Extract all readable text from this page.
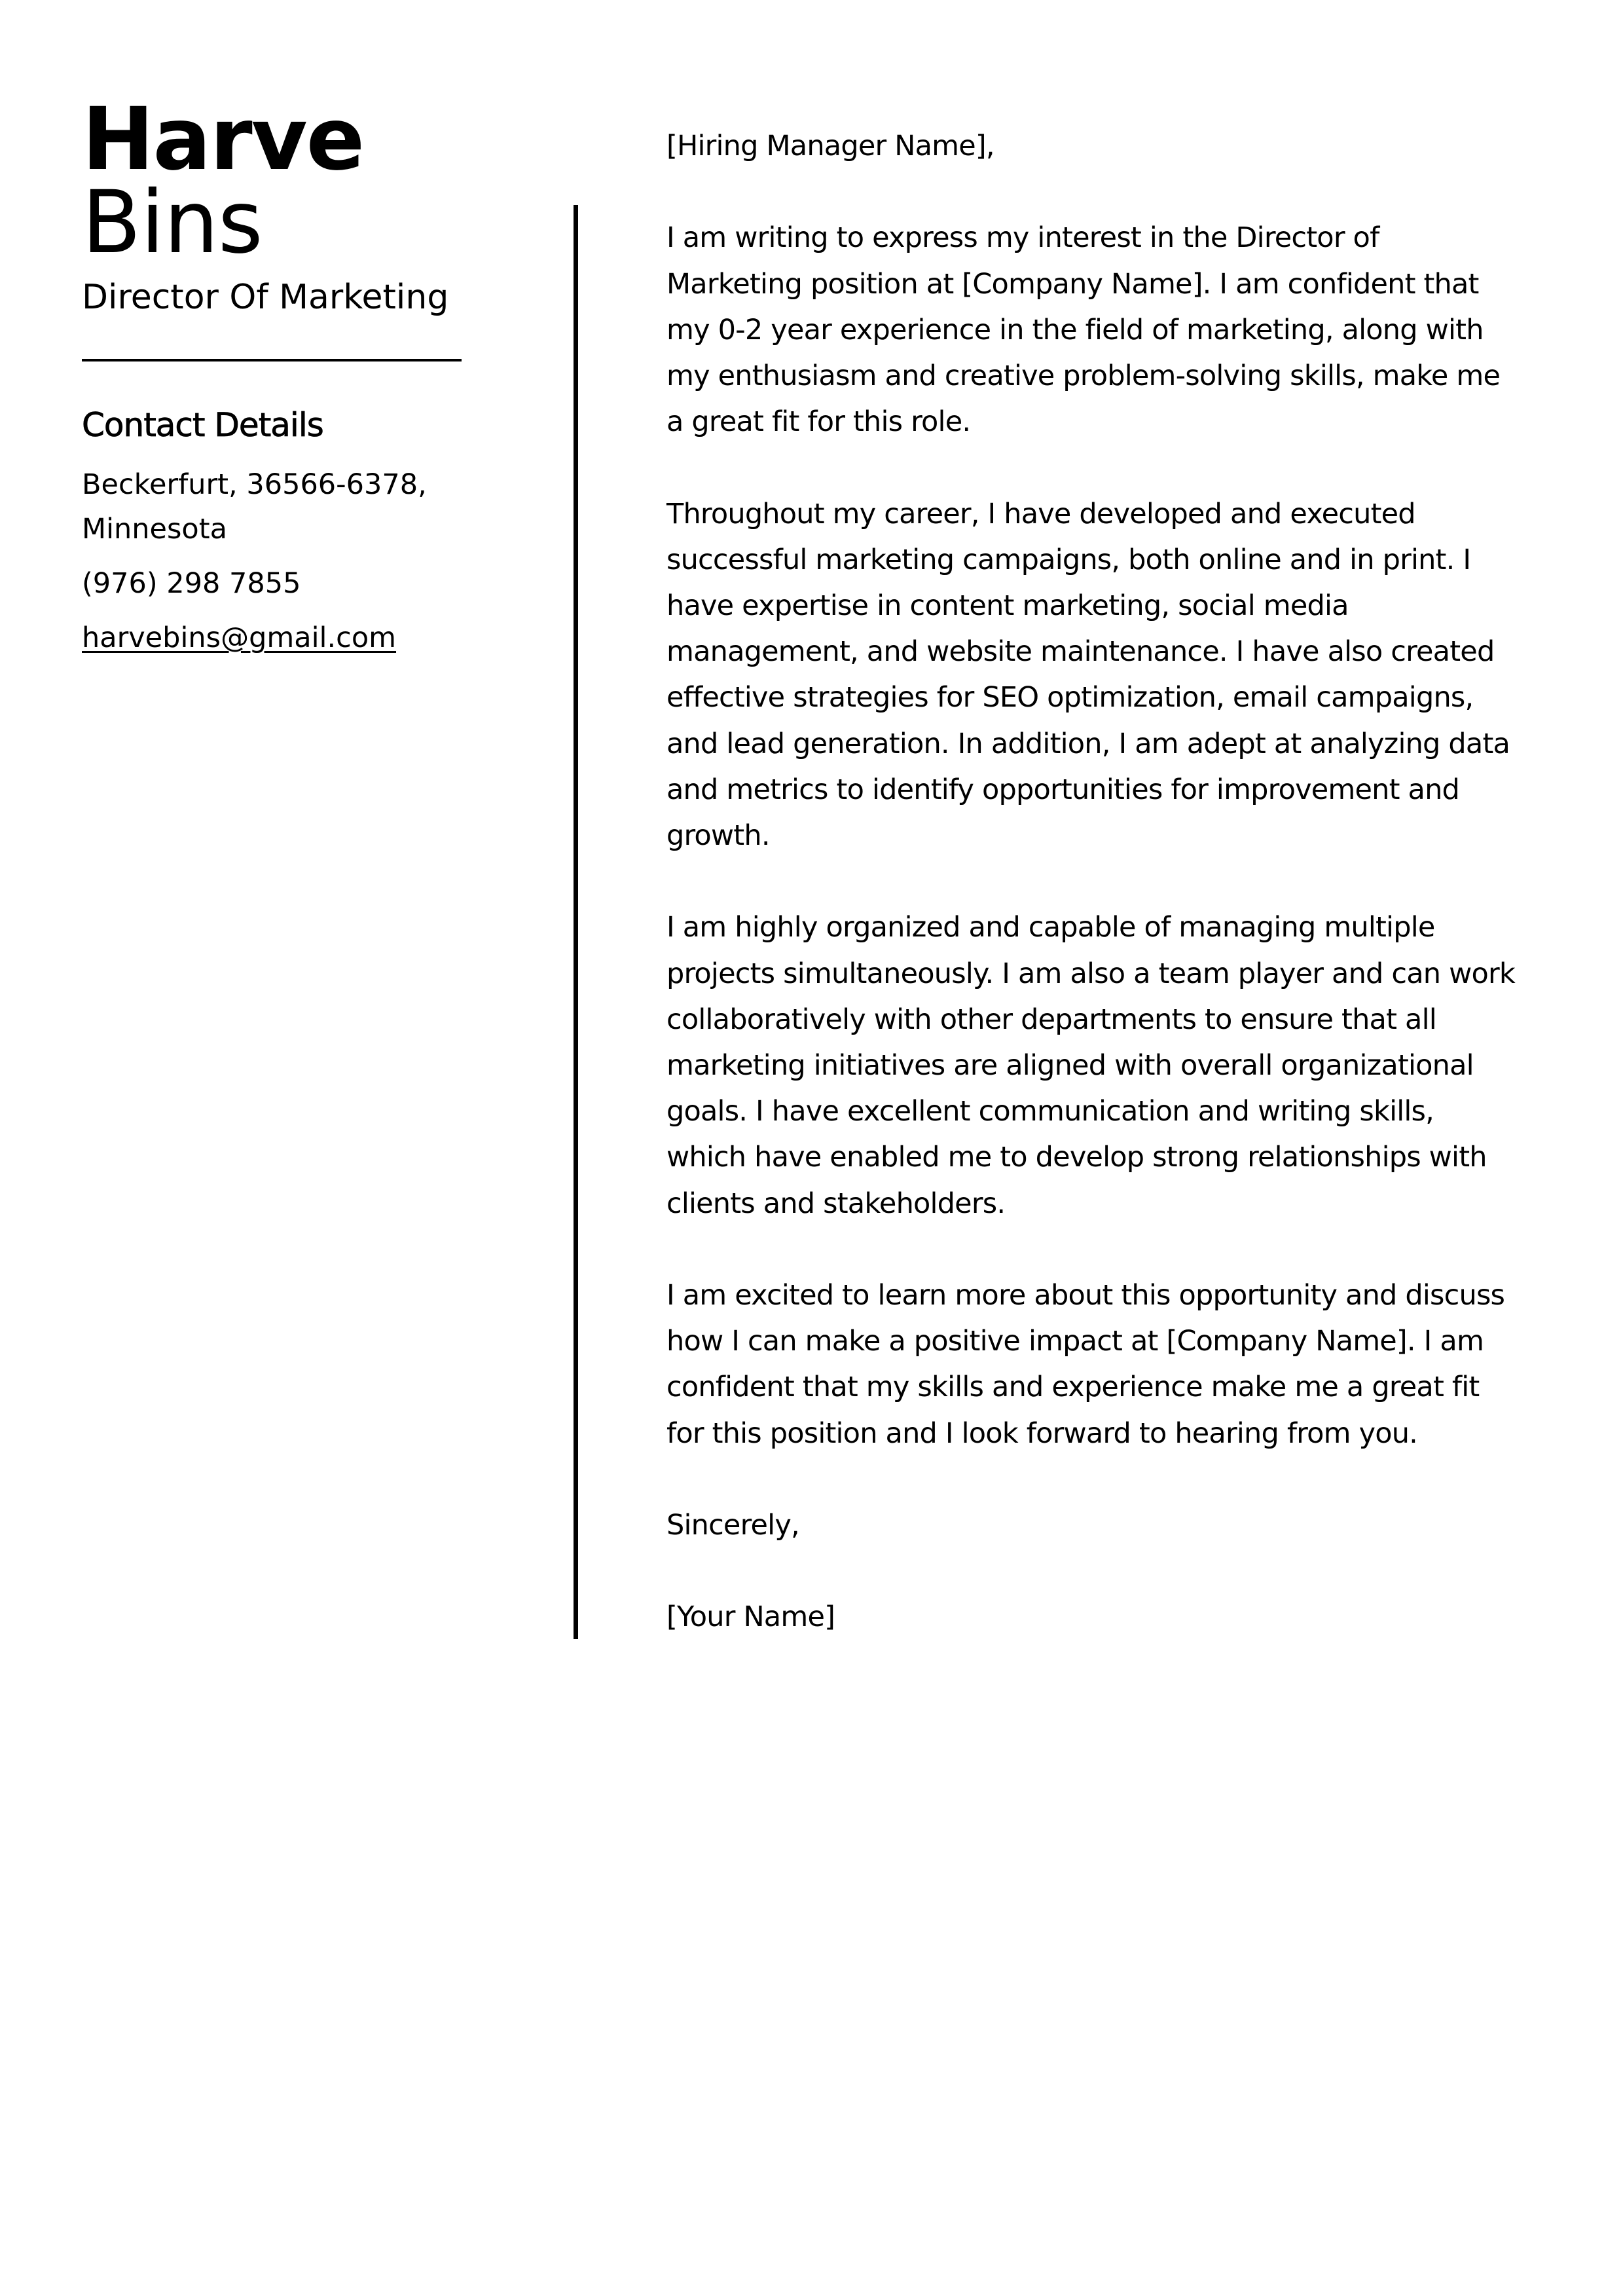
Harve
Bins
Director Of Marketing
Contact Details
Beckerfurt, 36566-6378, Minnesota
(976) 298 7855
harvebins@gmail.com

[Hiring Manager Name],

I am writing to express my interest in the Director of Marketing position at [Company Name]. I am confident that my 0-2 year experience in the field of marketing, along with my enthusiasm and creative problem-solving skills, make me a great fit for this role.

Throughout my career, I have developed and executed successful marketing campaigns, both online and in print. I have expertise in content marketing, social media management, and website maintenance. I have also created effective strategies for SEO optimization, email campaigns, and lead generation. In addition, I am adept at analyzing data and metrics to identify opportunities for improvement and growth.

I am highly organized and capable of managing multiple projects simultaneously. I am also a team player and can work collaboratively with other departments to ensure that all marketing initiatives are aligned with overall organizational goals. I have excellent communication and writing skills, which have enabled me to develop strong relationships with clients and stakeholders.

I am excited to learn more about this opportunity and discuss how I can make a positive impact at [Company Name]. I am confident that my skills and experience make me a great fit for this position and I look forward to hearing from you.

Sincerely,

[Your Name]
